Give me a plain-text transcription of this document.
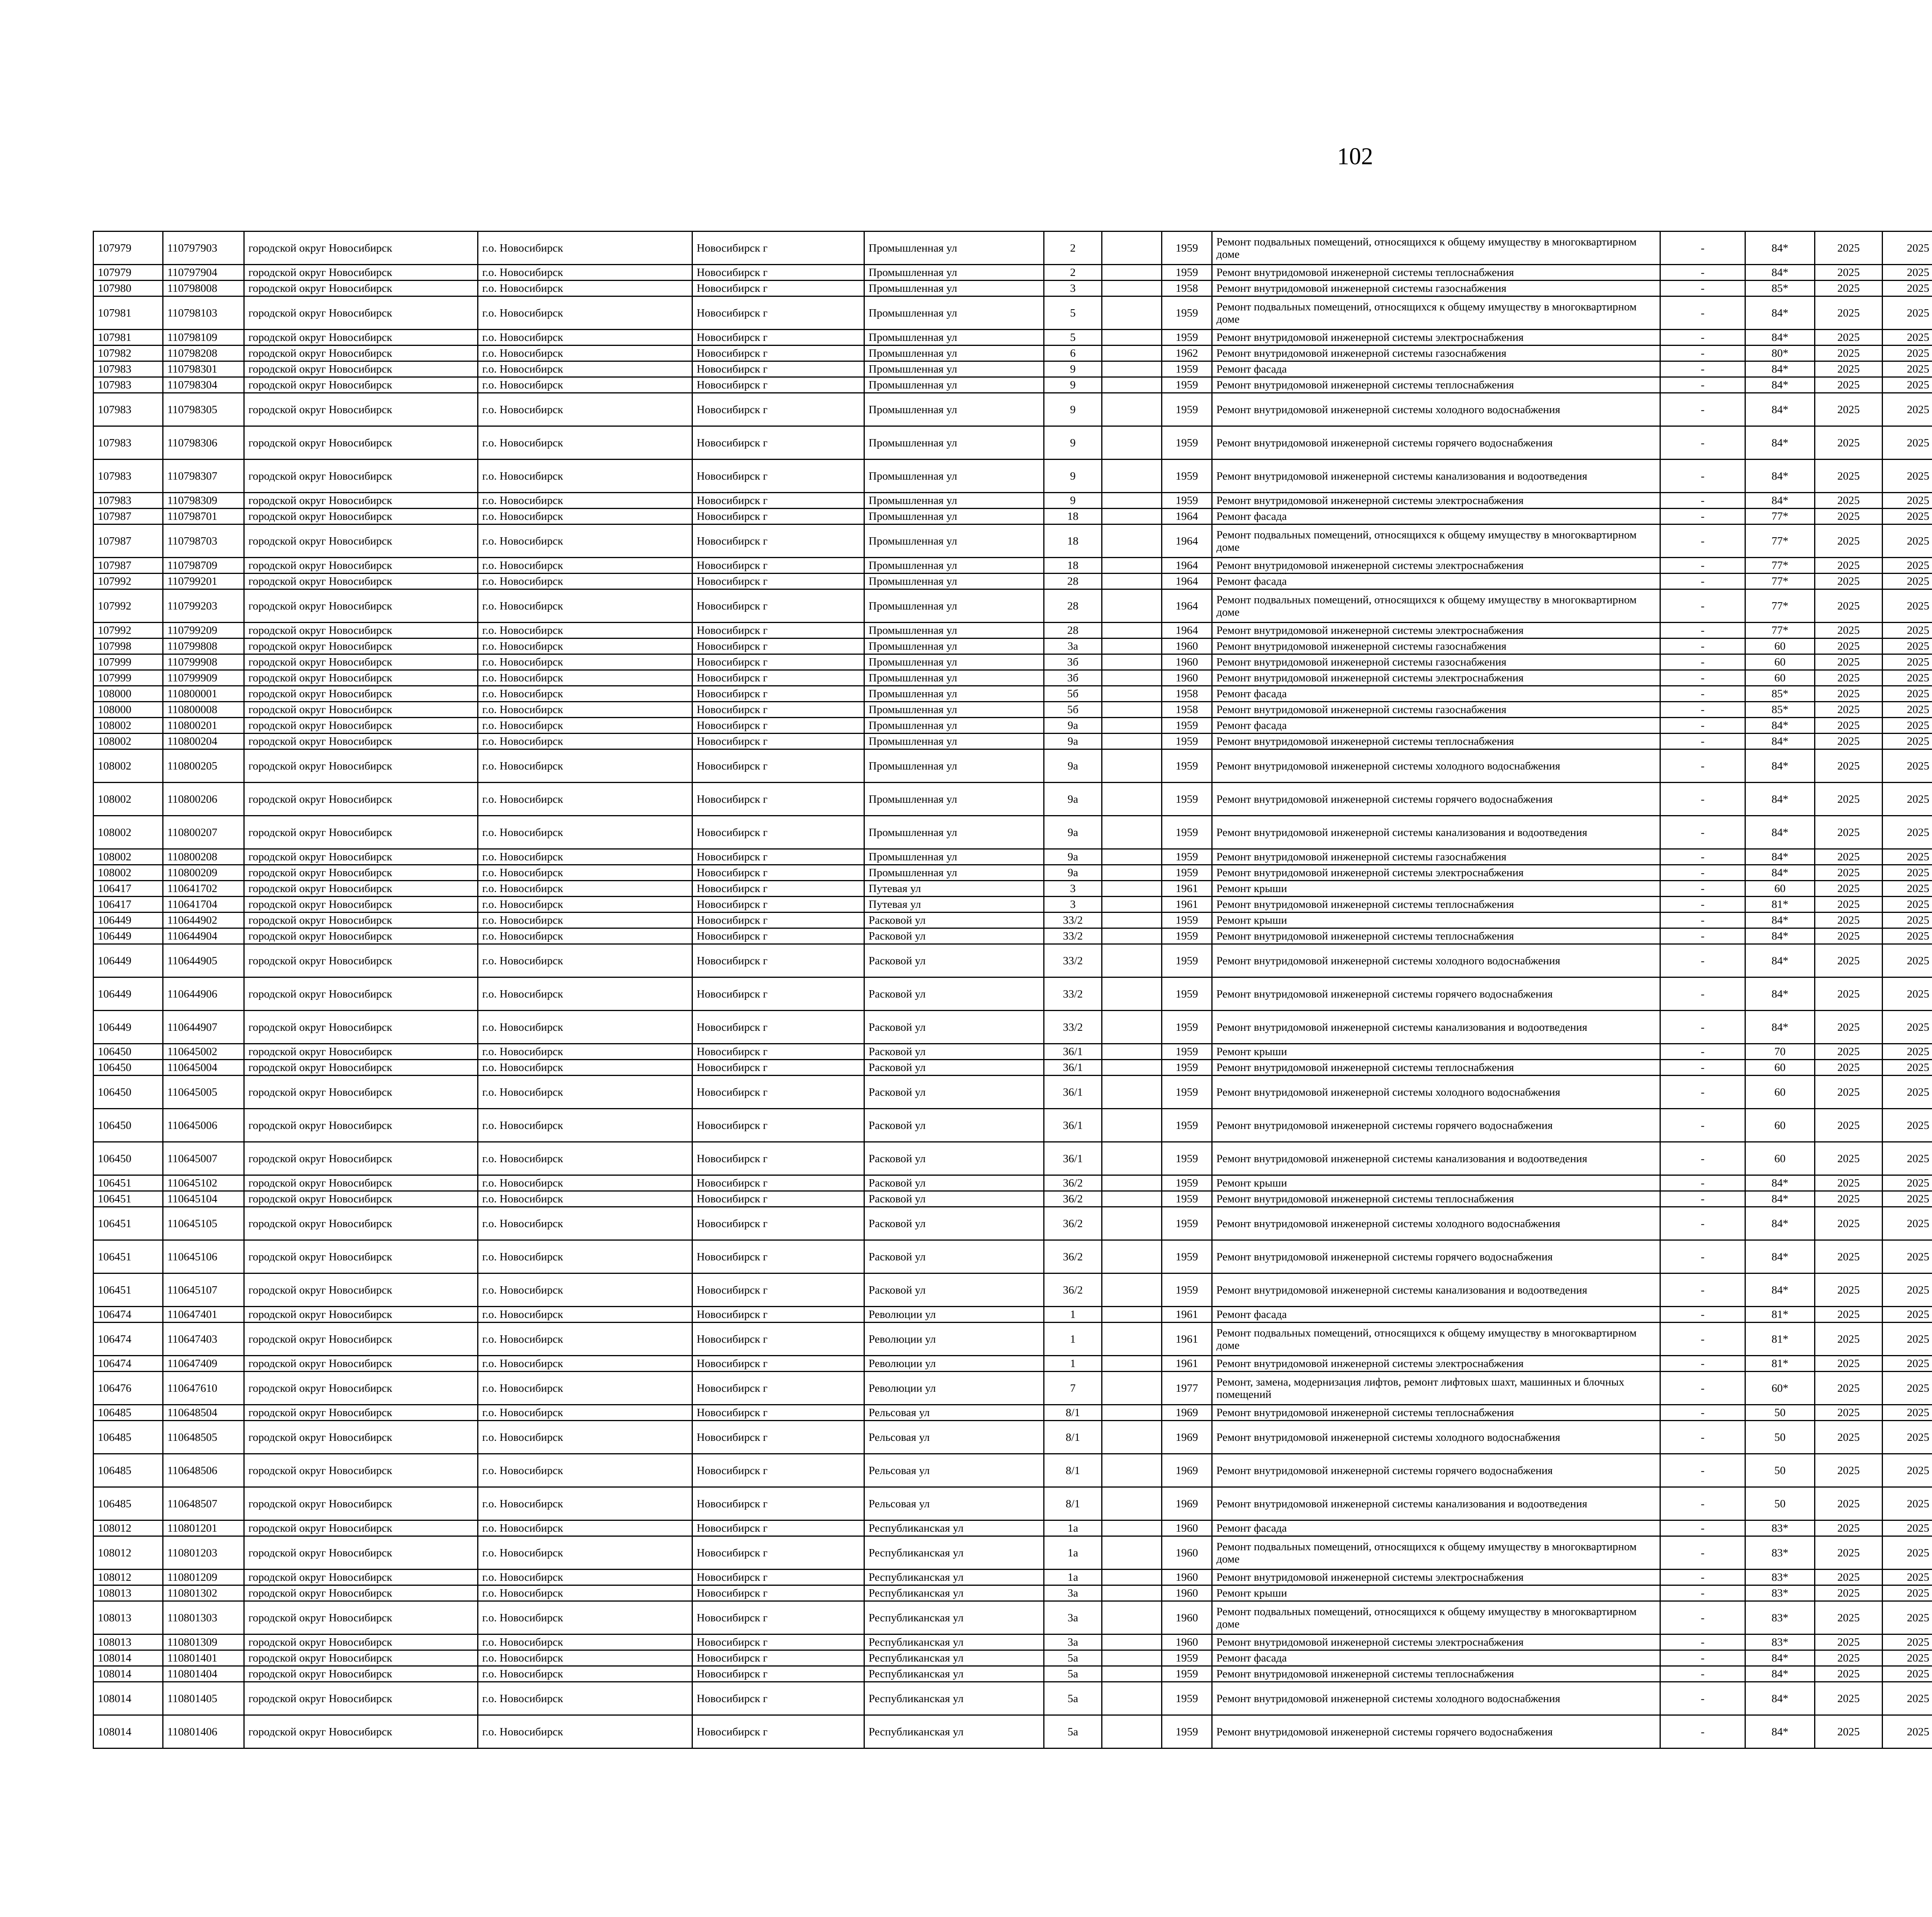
102
107979	110797903	городской округ Новосибирск	г.о. Новосибирск	Новосибирск г	Промышленная ул	2		1959	Ремонт подвальных помещений, относящихся к общему имуществу в многоквартирном доме	-	84*	2025	2025					
107979	110797904	городской округ Новосибирск	г.о. Новосибирск	Новосибирск г	Промышленная ул	2		1959	Ремонт внутридомовой инженерной системы теплоснабжения	-	84*	2025	2025					
107980	110798008	городской округ Новосибирск	г.о. Новосибирск	Новосибирск г	Промышленная ул	3		1958	Ремонт внутридомовой инженерной системы газоснабжения	-	85*	2025	2025					
107981	110798103	городской округ Новосибирск	г.о. Новосибирск	Новосибирск г	Промышленная ул	5		1959	Ремонт подвальных помещений, относящихся к общему имуществу в многоквартирном доме	-	84*	2025	2025					
107981	110798109	городской округ Новосибирск	г.о. Новосибирск	Новосибирск г	Промышленная ул	5		1959	Ремонт внутридомовой инженерной системы электроснабжения	-	84*	2025	2025					
107982	110798208	городской округ Новосибирск	г.о. Новосибирск	Новосибирск г	Промышленная ул	6		1962	Ремонт внутридомовой инженерной системы газоснабжения	-	80*	2025	2025					
107983	110798301	городской округ Новосибирск	г.о. Новосибирск	Новосибирск г	Промышленная ул	9		1959	Ремонт фасада	-	84*	2025	2025					
107983	110798304	городской округ Новосибирск	г.о. Новосибирск	Новосибирск г	Промышленная ул	9		1959	Ремонт внутридомовой инженерной системы теплоснабжения	-	84*	2025	2025					
107983	110798305	городской округ Новосибирск	г.о. Новосибирск	Новосибирск г	Промышленная ул	9		1959	Ремонт внутридомовой инженерной системы холодного водоснабжения	-	84*	2025	2025					
107983	110798306	городской округ Новосибирск	г.о. Новосибирск	Новосибирск г	Промышленная ул	9		1959	Ремонт внутридомовой инженерной системы горячего водоснабжения	-	84*	2025	2025					
107983	110798307	городской округ Новосибирск	г.о. Новосибирск	Новосибирск г	Промышленная ул	9		1959	Ремонт внутридомовой инженерной системы канализования и водоотведения	-	84*	2025	2025					
107983	110798309	городской округ Новосибирск	г.о. Новосибирск	Новосибирск г	Промышленная ул	9		1959	Ремонт внутридомовой инженерной системы электроснабжения	-	84*	2025	2025					
107987	110798701	городской округ Новосибирск	г.о. Новосибирск	Новосибирск г	Промышленная ул	18		1964	Ремонт фасада	-	77*	2025	2025					
107987	110798703	городской округ Новосибирск	г.о. Новосибирск	Новосибирск г	Промышленная ул	18		1964	Ремонт подвальных помещений, относящихся к общему имуществу в многоквартирном доме	-	77*	2025	2025					
107987	110798709	городской округ Новосибирск	г.о. Новосибирск	Новосибирск г	Промышленная ул	18		1964	Ремонт внутридомовой инженерной системы электроснабжения	-	77*	2025	2025					
107992	110799201	городской округ Новосибирск	г.о. Новосибирск	Новосибирск г	Промышленная ул	28		1964	Ремонт фасада	-	77*	2025	2025					
107992	110799203	городской округ Новосибирск	г.о. Новосибирск	Новосибирск г	Промышленная ул	28		1964	Ремонт подвальных помещений, относящихся к общему имуществу в многоквартирном доме	-	77*	2025	2025					
107992	110799209	городской округ Новосибирск	г.о. Новосибирск	Новосибирск г	Промышленная ул	28		1964	Ремонт внутридомовой инженерной системы электроснабжения	-	77*	2025	2025					
107998	110799808	городской округ Новосибирск	г.о. Новосибирск	Новосибирск г	Промышленная ул	3а		1960	Ремонт внутридомовой инженерной системы газоснабжения	-	60	2025	2025					
107999	110799908	городской округ Новосибирск	г.о. Новосибирск	Новосибирск г	Промышленная ул	3б		1960	Ремонт внутридомовой инженерной системы газоснабжения	-	60	2025	2025					
107999	110799909	городской округ Новосибирск	г.о. Новосибирск	Новосибирск г	Промышленная ул	3б		1960	Ремонт внутридомовой инженерной системы электроснабжения	-	60	2025	2025					
108000	110800001	городской округ Новосибирск	г.о. Новосибирск	Новосибирск г	Промышленная ул	5б		1958	Ремонт фасада	-	85*	2025	2025					
108000	110800008	городской округ Новосибирск	г.о. Новосибирск	Новосибирск г	Промышленная ул	5б		1958	Ремонт внутридомовой инженерной системы газоснабжения	-	85*	2025	2025					
108002	110800201	городской округ Новосибирск	г.о. Новосибирск	Новосибирск г	Промышленная ул	9а		1959	Ремонт фасада	-	84*	2025	2025					
108002	110800204	городской округ Новосибирск	г.о. Новосибирск	Новосибирск г	Промышленная ул	9а		1959	Ремонт внутридомовой инженерной системы теплоснабжения	-	84*	2025	2025					
108002	110800205	городской округ Новосибирск	г.о. Новосибирск	Новосибирск г	Промышленная ул	9а		1959	Ремонт внутридомовой инженерной системы холодного водоснабжения	-	84*	2025	2025					
108002	110800206	городской округ Новосибирск	г.о. Новосибирск	Новосибирск г	Промышленная ул	9а		1959	Ремонт внутридомовой инженерной системы горячего водоснабжения	-	84*	2025	2025					
108002	110800207	городской округ Новосибирск	г.о. Новосибирск	Новосибирск г	Промышленная ул	9а		1959	Ремонт внутридомовой инженерной системы канализования и водоотведения	-	84*	2025	2025					
108002	110800208	городской округ Новосибирск	г.о. Новосибирск	Новосибирск г	Промышленная ул	9а		1959	Ремонт внутридомовой инженерной системы газоснабжения	-	84*	2025	2025					
108002	110800209	городской округ Новосибирск	г.о. Новосибирск	Новосибирск г	Промышленная ул	9а		1959	Ремонт внутридомовой инженерной системы электроснабжения	-	84*	2025	2025					
106417	110641702	городской округ Новосибирск	г.о. Новосибирск	Новосибирск г	Путевая ул	3		1961	Ремонт крыши	-	60	2025	2025					
106417	110641704	городской округ Новосибирск	г.о. Новосибирск	Новосибирск г	Путевая ул	3		1961	Ремонт внутридомовой инженерной системы теплоснабжения	-	81*	2025	2025					
106449	110644902	городской округ Новосибирск	г.о. Новосибирск	Новосибирск г	Расковой ул	33/2		1959	Ремонт крыши	-	84*	2025	2025					
106449	110644904	городской округ Новосибирск	г.о. Новосибирск	Новосибирск г	Расковой ул	33/2		1959	Ремонт внутридомовой инженерной системы теплоснабжения	-	84*	2025	2025					
106449	110644905	городской округ Новосибирск	г.о. Новосибирск	Новосибирск г	Расковой ул	33/2		1959	Ремонт внутридомовой инженерной системы холодного водоснабжения	-	84*	2025	2025					
106449	110644906	городской округ Новосибирск	г.о. Новосибирск	Новосибирск г	Расковой ул	33/2		1959	Ремонт внутридомовой инженерной системы горячего водоснабжения	-	84*	2025	2025					
106449	110644907	городской округ Новосибирск	г.о. Новосибирск	Новосибирск г	Расковой ул	33/2		1959	Ремонт внутридомовой инженерной системы канализования и водоотведения	-	84*	2025	2025					
106450	110645002	городской округ Новосибирск	г.о. Новосибирск	Новосибирск г	Расковой ул	36/1		1959	Ремонт крыши	-	70	2025	2025					
106450	110645004	городской округ Новосибирск	г.о. Новосибирск	Новосибирск г	Расковой ул	36/1		1959	Ремонт внутридомовой инженерной системы теплоснабжения	-	60	2025	2025					
106450	110645005	городской округ Новосибирск	г.о. Новосибирск	Новосибирск г	Расковой ул	36/1		1959	Ремонт внутридомовой инженерной системы холодного водоснабжения	-	60	2025	2025					
106450	110645006	городской округ Новосибирск	г.о. Новосибирск	Новосибирск г	Расковой ул	36/1		1959	Ремонт внутридомовой инженерной системы горячего водоснабжения	-	60	2025	2025					
106450	110645007	городской округ Новосибирск	г.о. Новосибирск	Новосибирск г	Расковой ул	36/1		1959	Ремонт внутридомовой инженерной системы канализования и водоотведения	-	60	2025	2025					
106451	110645102	городской округ Новосибирск	г.о. Новосибирск	Новосибирск г	Расковой ул	36/2		1959	Ремонт крыши	-	84*	2025	2025					
106451	110645104	городской округ Новосибирск	г.о. Новосибирск	Новосибирск г	Расковой ул	36/2		1959	Ремонт внутридомовой инженерной системы теплоснабжения	-	84*	2025	2025					
106451	110645105	городской округ Новосибирск	г.о. Новосибирск	Новосибирск г	Расковой ул	36/2		1959	Ремонт внутридомовой инженерной системы холодного водоснабжения	-	84*	2025	2025					
106451	110645106	городской округ Новосибирск	г.о. Новосибирск	Новосибирск г	Расковой ул	36/2		1959	Ремонт внутридомовой инженерной системы горячего водоснабжения	-	84*	2025	2025					
106451	110645107	городской округ Новосибирск	г.о. Новосибирск	Новосибирск г	Расковой ул	36/2		1959	Ремонт внутридомовой инженерной системы канализования и водоотведения	-	84*	2025	2025					
106474	110647401	городской округ Новосибирск	г.о. Новосибирск	Новосибирск г	Революции ул	1		1961	Ремонт фасада	-	81*	2025	2025					
106474	110647403	городской округ Новосибирск	г.о. Новосибирск	Новосибирск г	Революции ул	1		1961	Ремонт подвальных помещений, относящихся к общему имуществу в многоквартирном доме	-	81*	2025	2025					
106474	110647409	городской округ Новосибирск	г.о. Новосибирск	Новосибирск г	Революции ул	1		1961	Ремонт внутридомовой инженерной системы электроснабжения	-	81*	2025	2025					
106476	110647610	городской округ Новосибирск	г.о. Новосибирск	Новосибирск г	Революции ул	7		1977	Ремонт, замена, модернизация лифтов, ремонт лифтовых шахт, машинных и блочных помещений	-	60*	2025	2025					
106485	110648504	городской округ Новосибирск	г.о. Новосибирск	Новосибирск г	Рельсовая ул	8/1		1969	Ремонт внутридомовой инженерной системы теплоснабжения	-	50	2025	2025					
106485	110648505	городской округ Новосибирск	г.о. Новосибирск	Новосибирск г	Рельсовая ул	8/1		1969	Ремонт внутридомовой инженерной системы холодного водоснабжения	-	50	2025	2025					
106485	110648506	городской округ Новосибирск	г.о. Новосибирск	Новосибирск г	Рельсовая ул	8/1		1969	Ремонт внутридомовой инженерной системы горячего водоснабжения	-	50	2025	2025					
106485	110648507	городской округ Новосибирск	г.о. Новосибирск	Новосибирск г	Рельсовая ул	8/1		1969	Ремонт внутридомовой инженерной системы канализования и водоотведения	-	50	2025	2025					
108012	110801201	городской округ Новосибирск	г.о. Новосибирск	Новосибирск г	Республиканская ул	1а		1960	Ремонт фасада	-	83*	2025	2025					
108012	110801203	городской округ Новосибирск	г.о. Новосибирск	Новосибирск г	Республиканская ул	1а		1960	Ремонт подвальных помещений, относящихся к общему имуществу в многоквартирном доме	-	83*	2025	2025					
108012	110801209	городской округ Новосибирск	г.о. Новосибирск	Новосибирск г	Республиканская ул	1а		1960	Ремонт внутридомовой инженерной системы электроснабжения	-	83*	2025	2025					
108013	110801302	городской округ Новосибирск	г.о. Новосибирск	Новосибирск г	Республиканская ул	3а		1960	Ремонт крыши	-	83*	2025	2025					
108013	110801303	городской округ Новосибирск	г.о. Новосибирск	Новосибирск г	Республиканская ул	3а		1960	Ремонт подвальных помещений, относящихся к общему имуществу в многоквартирном доме	-	83*	2025	2025					
108013	110801309	городской округ Новосибирск	г.о. Новосибирск	Новосибирск г	Республиканская ул	3а		1960	Ремонт внутридомовой инженерной системы электроснабжения	-	83*	2025	2025					
108014	110801401	городской округ Новосибирск	г.о. Новосибирск	Новосибирск г	Республиканская ул	5а		1959	Ремонт фасада	-	84*	2025	2025					
108014	110801404	городской округ Новосибирск	г.о. Новосибирск	Новосибирск г	Республиканская ул	5а		1959	Ремонт внутридомовой инженерной системы теплоснабжения	-	84*	2025	2025					
108014	110801405	городской округ Новосибирск	г.о. Новосибирск	Новосибирск г	Республиканская ул	5а		1959	Ремонт внутридомовой инженерной системы холодного водоснабжения	-	84*	2025	2025					
108014	110801406	городской округ Новосибирск	г.о. Новосибирск	Новосибирск г	Республиканская ул	5а		1959	Ремонт внутридомовой инженерной системы горячего водоснабжения	-	84*	2025	2025					
